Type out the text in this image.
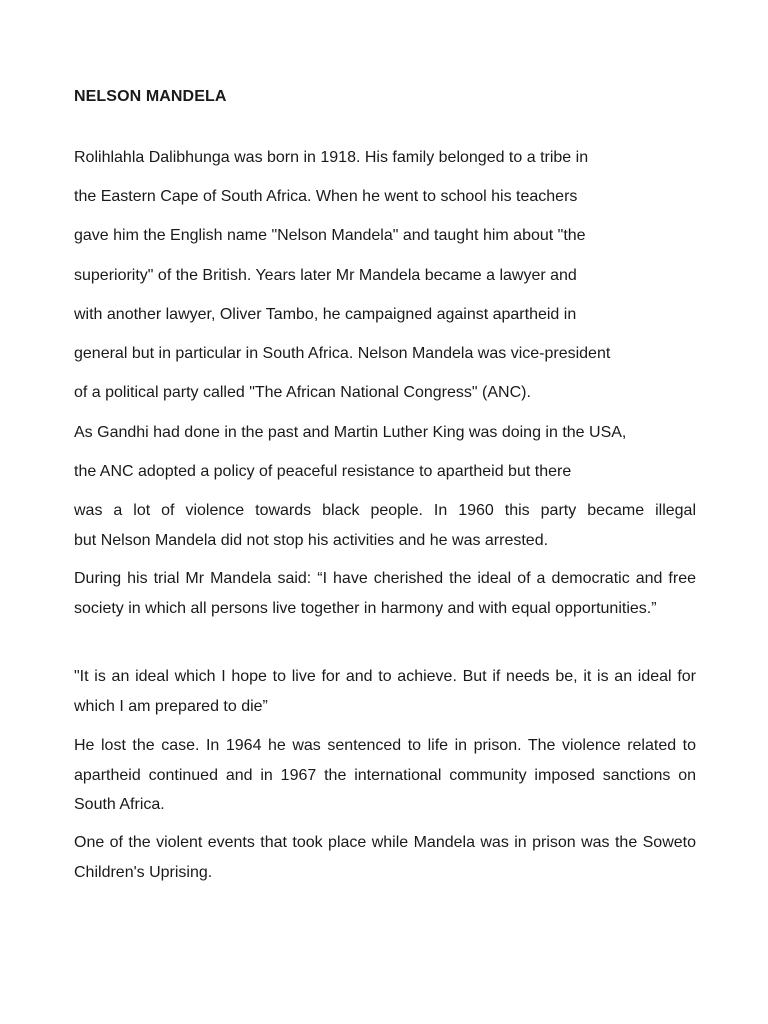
NELSON MANDELA
Rolihlahla Dalibhunga was born in 1918. His family belonged to a tribe in
the Eastern Cape of South Africa. When he went to school his teachers
gave him the English name "Nelson Mandela" and taught him about "the
superiority" of the British. Years later Mr Mandela became a lawyer and
with another lawyer, Oliver Tambo, he campaigned against apartheid in
general but in particular in South Africa. Nelson Mandela was vice-president
of a political party called "The African National Congress" (ANC).
As Gandhi had done in the past and Martin Luther King was doing in the USA,
the ANC adopted a policy of peaceful resistance to apartheid but there
was a lot of violence towards black people. In 1960 this party became illegal
but Nelson Mandela did not stop his activities and he was arrested.

During his trial Mr Mandela said: “I have cherished the ideal of a democratic and free society in which all persons live together in harmony and with equal opportunities.”

"It is an ideal which I hope to live for and to achieve. But if needs be, it is an ideal for which I am prepared to die”

He lost the case. In 1964 he was sentenced to life in prison. The violence related to apartheid continued and in 1967 the international community imposed sanctions on South Africa.

One of the violent events that took place while Mandela was in prison was the Soweto Children's Uprising.
